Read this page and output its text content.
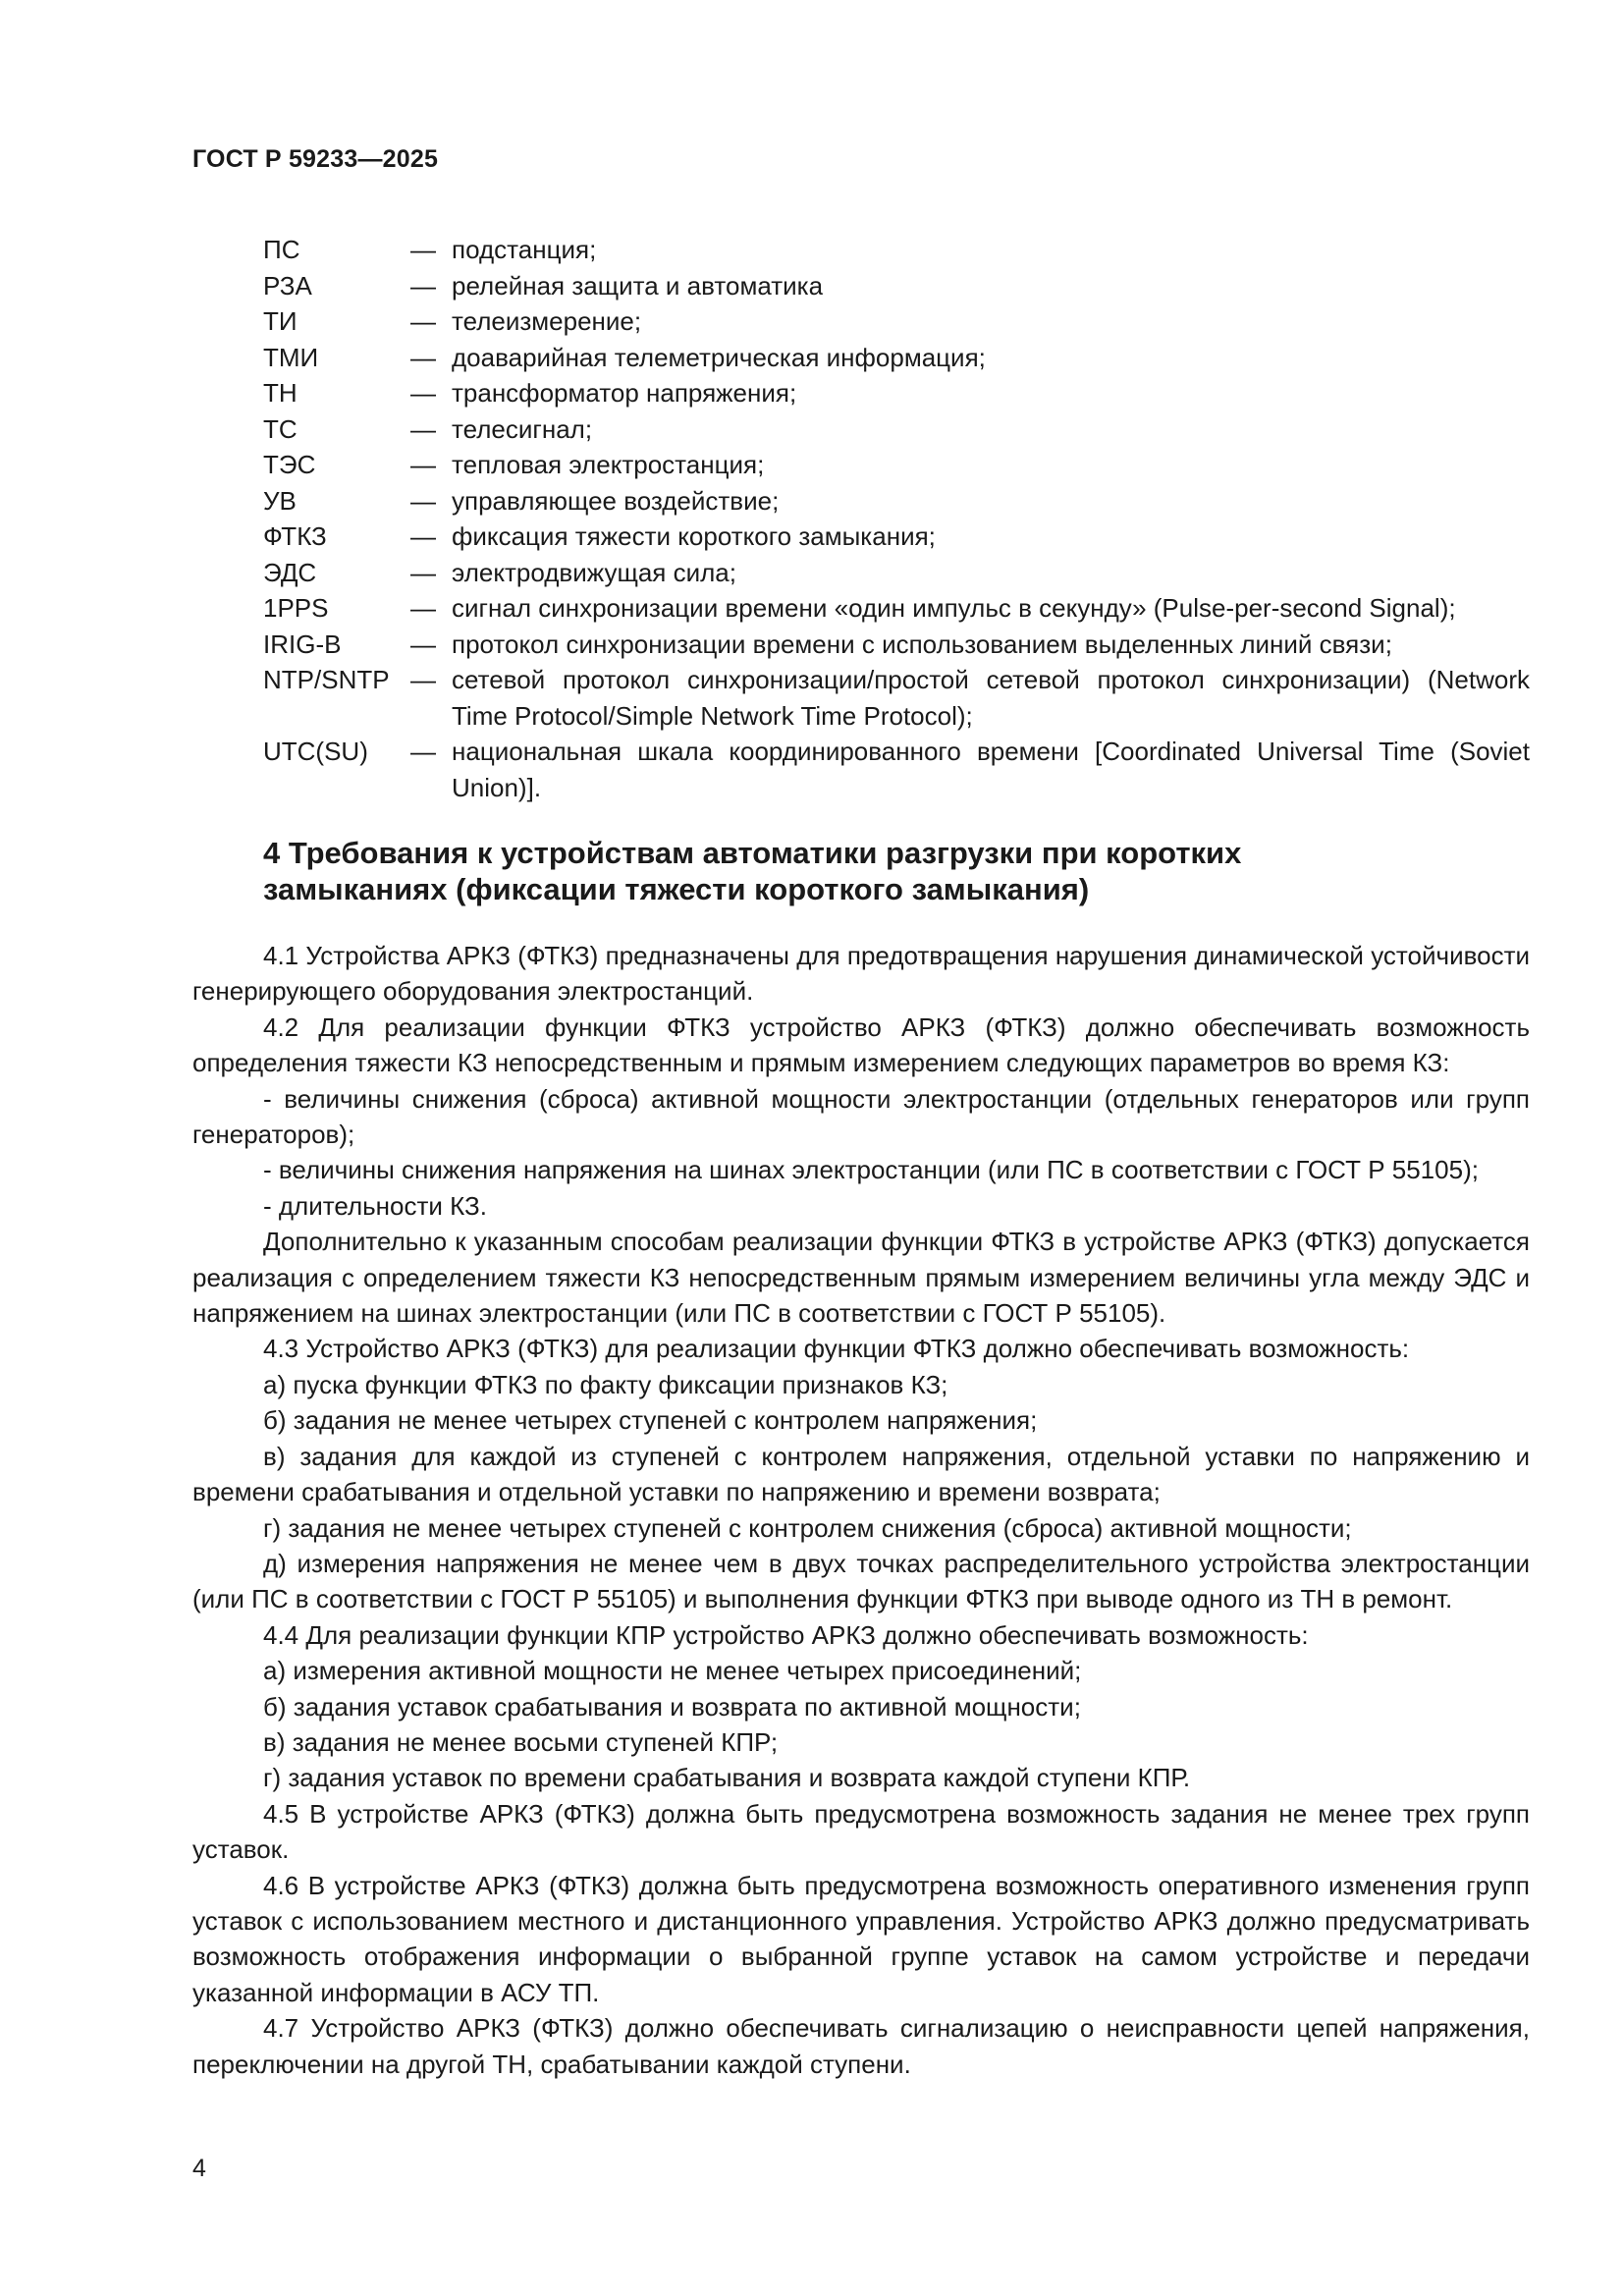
ГОСТ Р 59233—2025
ПС	— подстанция;
РЗА	— релейная защита и автоматика
ТИ	— телеизмерение;
ТМИ	— доаварийная телеметрическая информация;
ТН	— трансформатор напряжения;
ТС	— телесигнал;
ТЭС	— тепловая электростанция;
УВ	— управляющее воздействие;
ФТКЗ	— фиксация тяжести короткого замыкания;
ЭДС	— электродвижущая сила;
1PPS	— сигнал синхронизации времени «один импульс в секунду» (Pulse-per-second Signal);
IRIG-B	— протокол синхронизации времени с использованием выделенных линий связи;
NTP/SNTP — сетевой протокол синхронизации/простой сетевой протокол синхронизации) (Network Time Protocol/Simple Network Time Protocol);
UTC(SU)	— национальная шкала координированного времени [Coordinated Universal Time (Soviet Union)].
4 Требования к устройствам автоматики разгрузки при коротких замыканиях (фиксации тяжести короткого замыкания)

4.1 Устройства АРКЗ (ФТКЗ) предназначены для предотвращения нарушения динамической устойчивости генерирующего оборудования электростанций.

4.2 Для реализации функции ФТКЗ устройство АРКЗ (ФТКЗ) должно обеспечивать возможность определения тяжести КЗ непосредственным и прямым измерением следующих параметров во время КЗ:

- величины снижения (сброса) активной мощности электростанции (отдельных генераторов или групп генераторов);

- величины снижения напряжения на шинах электростанции (или ПС в соответствии с ГОСТ Р 55105);

- длительности КЗ.

Дополнительно к указанным способам реализации функции ФТКЗ в устройстве АРКЗ (ФТКЗ) допускается реализация с определением тяжести КЗ непосредственным прямым измерением величины угла между ЭДС и напряжением на шинах электростанции (или ПС в соответствии с ГОСТ Р 55105).

4.3 Устройство АРКЗ (ФТКЗ) для реализации функции ФТКЗ должно обеспечивать возможность:

а) пуска функции ФТКЗ по факту фиксации признаков КЗ;

б) задания не менее четырех ступеней с контролем напряжения;

в) задания для каждой из ступеней с контролем напряжения, отдельной уставки по напряжению и времени срабатывания и отдельной уставки по напряжению и времени возврата;

г) задания не менее четырех ступеней с контролем снижения (сброса) активной мощности;

д) измерения напряжения не менее чем в двух точках распределительного устройства электростанции (или ПС в соответствии с ГОСТ Р 55105) и выполнения функции ФТКЗ при выводе одного из ТН в ремонт.

4.4 Для реализации функции КПР устройство АРКЗ должно обеспечивать возможность:

а) измерения активной мощности не менее четырех присоединений;

б) задания уставок срабатывания и возврата по активной мощности;

в) задания не менее восьми ступеней КПР;

г) задания уставок по времени срабатывания и возврата каждой ступени КПР.

4.5 В устройстве АРКЗ (ФТКЗ) должна быть предусмотрена возможность задания не менее трех групп уставок.

4.6 В устройстве АРКЗ (ФТКЗ) должна быть предусмотрена возможность оперативного изменения групп уставок с использованием местного и дистанционного управления. Устройство АРКЗ должно предусматривать возможность отображения информации о выбранной группе уставок на самом устройстве и передачи указанной информации в АСУ ТП.

4.7 Устройство АРКЗ (ФТКЗ) должно обеспечивать сигнализацию о неисправности цепей напряжения, переключении на другой ТН, срабатывании каждой ступени.

4
